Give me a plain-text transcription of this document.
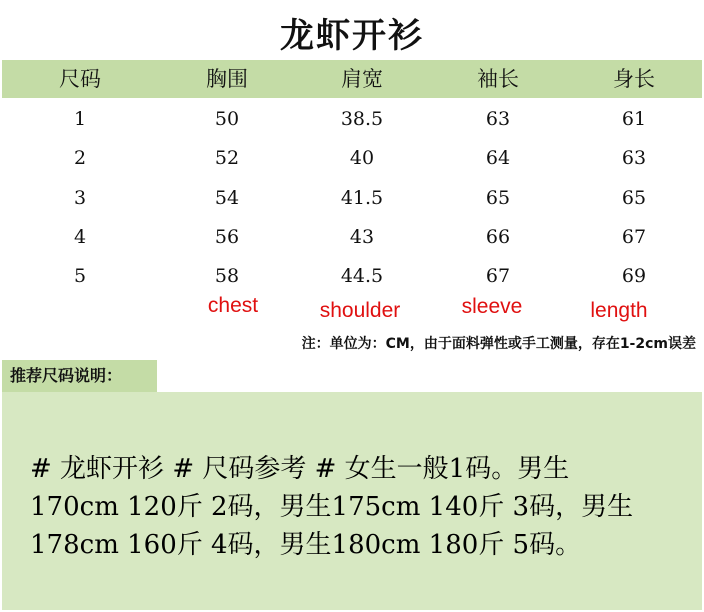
龙虾开衫
尺码	胸围	肩宽	袖长	身长
1	50	38.5	63	61
2	52	40	64	63
3	54	41.5	65	65
4	56	43	66	67
5	58	44.5	67	69
chest	shoulder	sleeve	length
注：单位为：CM，由于面料弹性或手工测量，存在1-2cm误差
推荐尺码说明：
# 龙虾开衫 # 尺码参考 # 女生一般1码。男生
170cm 120斤 2码，男生175cm 140斤 3码，男生
178cm 160斤 4码，男生180cm 180斤 5码。
